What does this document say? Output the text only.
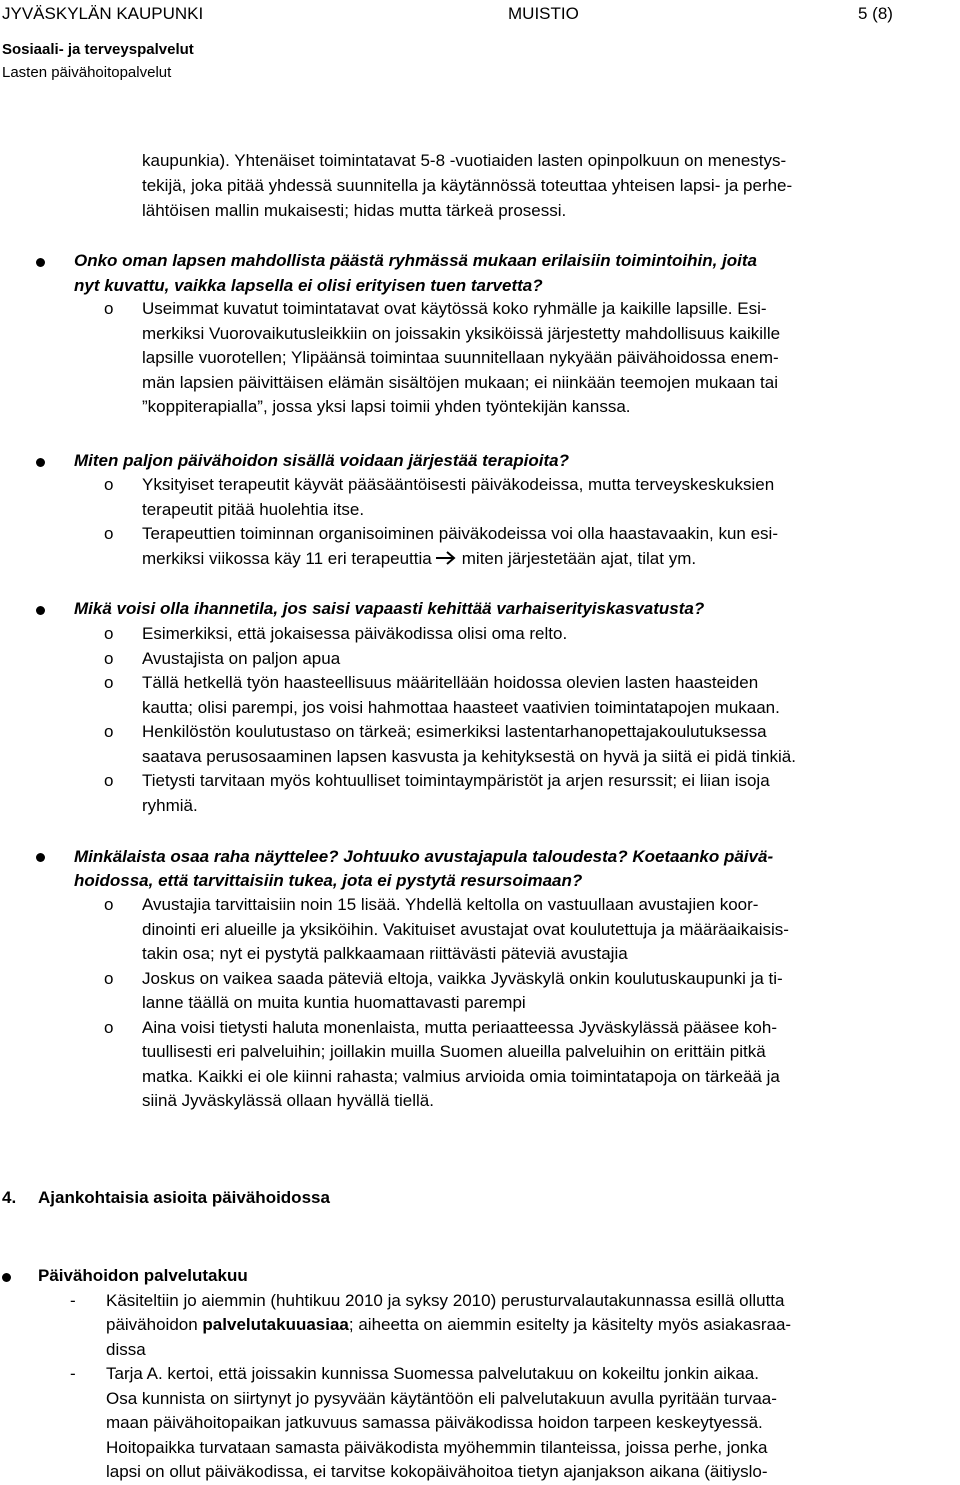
JYVÄSKYLÄN KAUPUNKI	MUISTIO	5 (8)
Sosiaali- ja terveyspalvelut
Lasten päivähoitopalvelut
kaupunkia). Yhtenäiset toimintatavat 5-8 -vuotiaiden lasten opinpolkuun on menestys-
tekijä, joka pitää yhdessä suunnitella ja käytännössä toteuttaa yhteisen lapsi- ja perhe-
lähtöisen mallin mukaisesti; hidas mutta tärkeä prosessi.
Onko oman lapsen mahdollista päästä ryhmässä mukaan erilaisiin toimintoihin, joita
nyt kuvattu, vaikka lapsella ei olisi erityisen tuen tarvetta?
o Useimmat kuvatut toimintatavat ovat käytössä koko ryhmälle ja kaikille lapsille. Esi-
merkiksi Vuorovaikutusleikkiin on joissakin yksiköissä järjestetty mahdollisuus kaikille
lapsille vuorotellen; Ylipäänsä toimintaa suunnitellaan nykyään päivähoidossa enem-
män lapsien päivittäisen elämän sisältöjen mukaan; ei niinkään teemojen mukaan tai
”koppiterapialla”, jossa yksi lapsi toimii yhden työntekijän kanssa.
Miten paljon päivähoidon sisällä voidaan järjestää terapioita?
o Yksityiset terapeutit käyvät pääsääntöisesti päiväkodeissa, mutta terveyskeskuksien
terapeutit pitää huolehtia itse.
o Terapeuttien toiminnan organisoiminen päiväkodeissa voi olla haastavaakin, kun esi-
merkiksi viikossa käy 11 eri terapeuttia miten järjestetään ajat, tilat ym.
Mikä voisi olla ihannetila, jos saisi vapaasti kehittää varhaiserityiskasvatusta?
o Esimerkiksi, että jokaisessa päiväkodissa olisi oma relto.
o Avustajista on paljon apua
o Tällä hetkellä työn haasteellisuus määritellään hoidossa olevien lasten haasteiden
kautta; olisi parempi, jos voisi hahmottaa haasteet vaativien toimintatapojen mukaan.
o Henkilöstön koulutustaso on tärkeä; esimerkiksi lastentarhanopettajakoulutuksessa
saatava perusosaaminen lapsen kasvusta ja kehityksestä on hyvä ja siitä ei pidä tinkiä.
o Tietysti tarvitaan myös kohtuulliset toimintaympäristöt ja arjen resurssit; ei liian isoja
ryhmiä.
Minkälaista osaa raha näyttelee? Johtuuko avustajapula taloudesta? Koetaanko päivä-
hoidossa, että tarvittaisiin tukea, jota ei pystytä resursoimaan?
o Avustajia tarvittaisiin noin 15 lisää. Yhdellä keltolla on vastuullaan avustajien koor-
dinointi eri alueille ja yksiköihin. Vakituiset avustajat ovat koulutettuja ja määräaikaisis-
takin osa; nyt ei pystytä palkkaamaan riittävästi päteviä avustajia
o Joskus on vaikea saada päteviä eltoja, vaikka Jyväskylä onkin koulutuskaupunki ja ti-
lanne täällä on muita kuntia huomattavasti parempi
o Aina voisi tietysti haluta monenlaista, mutta periaatteessa Jyväskylässä pääsee koh-
tuullisesti eri palveluihin; joillakin muilla Suomen alueilla palveluihin on erittäin pitkä
matka. Kaikki ei ole kiinni rahasta; valmius arvioida omia toimintatapoja on tärkeää ja
siinä Jyväskylässä ollaan hyvällä tiellä.
4. Ajankohtaisia asioita päivähoidossa
Päivähoidon palvelutakuu
- Käsiteltiin jo aiemmin (huhtikuu 2010 ja syksy 2010) perusturvalautakunnassa esillä ollutta
päivähoidon palvelutakuuasiaa; aiheetta on aiemmin esitelty ja käsitelty myös asiakasraa-
dissa
- Tarja A. kertoi, että joissakin kunnissa Suomessa palvelutakuu on kokeiltu jonkin aikaa.
Osa kunnista on siirtynyt jo pysyvään käytäntöön eli palvelutakuun avulla pyritään turvaa-
maan päivähoitopaikan jatkuvuus samassa päiväkodissa hoidon tarpeen keskeytyessä.
Hoitopaikka turvataan samasta päiväkodista myöhemmin tilanteissa, joissa perhe, jonka
lapsi on ollut päiväkodissa, ei tarvitse kokopäivähoitoa tietyn ajanjakson aikana (äitiyslo-
